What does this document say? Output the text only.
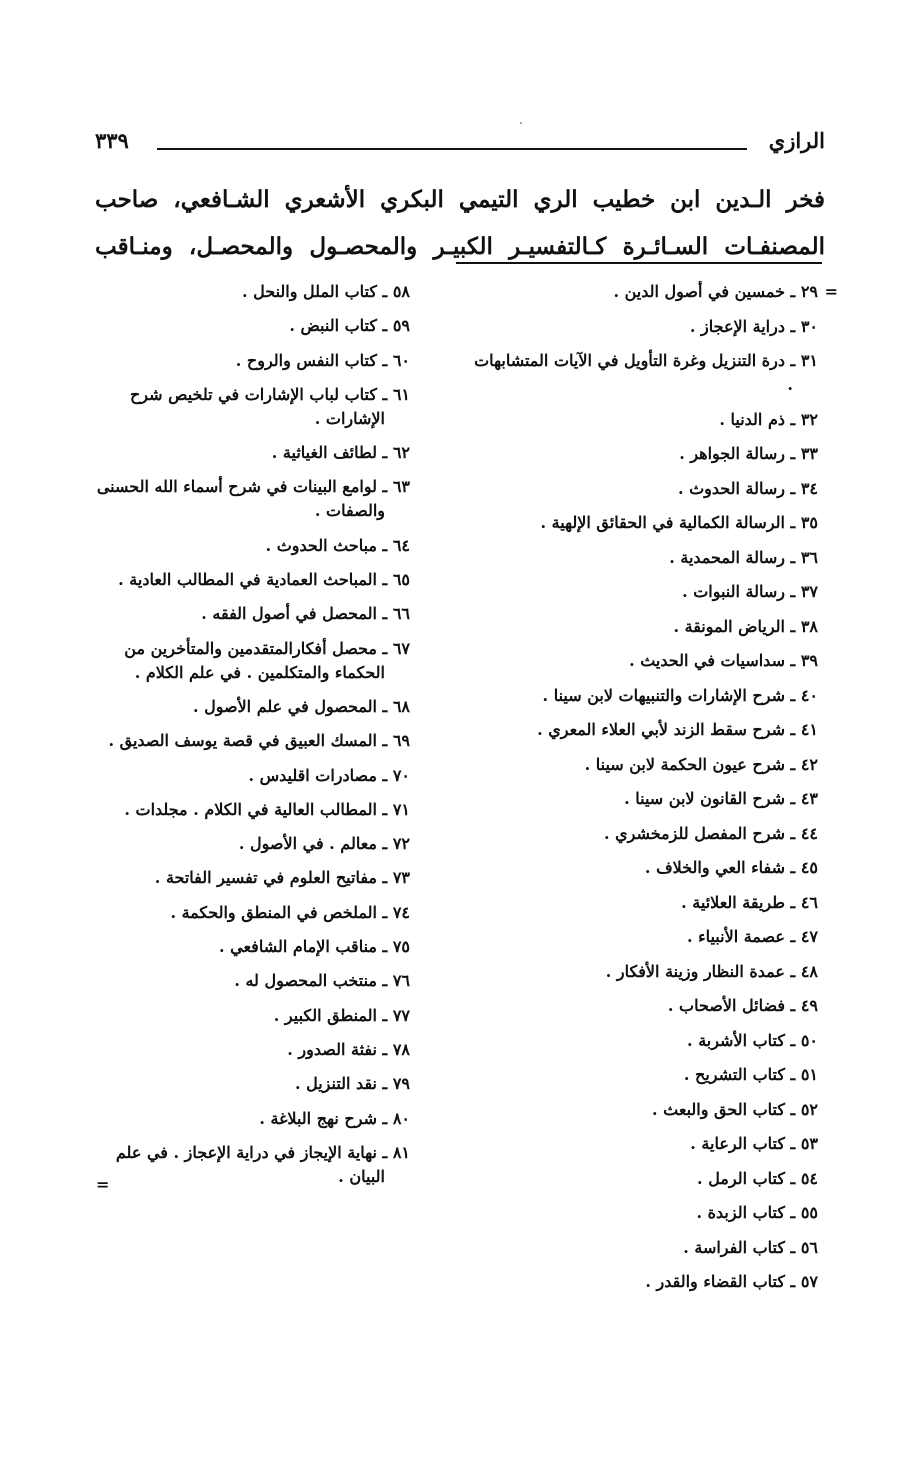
الرازي
٣٣٩
فخر الـدين ابن خطيب الري التيمي البكري الأشعري الشـافعي، صاحب
المصنفـات السـائـرة كـالتفسيـر الكبيـر والمحصـول والمحصـل، ومنـاقب
=
٢٩ ـ خمسين في أصول الدين .
٣٠ ـ دراية الإعجاز .
٣١ ـ درة التنزيل وغرة التأويل في الآيات المتشابهات .
٣٢ ـ ذم الدنيا .
٣٣ ـ رسالة الجواهر .
٣٤ ـ رسالة الحدوث .
٣٥ ـ الرسالة الكمالية في الحقائق الإلهية .
٣٦ ـ رسالة المحمدية .
٣٧ ـ رسالة النبوات .
٣٨ ـ الرياض المونقة .
٣٩ ـ سداسيات في الحديث .
٤٠ ـ شرح الإشارات والتنبيهات لابن سينا .
٤١ ـ شرح سقط الزند لأبي العلاء المعري .
٤٢ ـ شرح عيون الحكمة لابن سينا .
٤٣ ـ شرح القانون لابن سينا .
٤٤ ـ شرح المفصل للزمخشري .
٤٥ ـ شفاء العي والخلاف .
٤٦ ـ طريقة العلائية .
٤٧ ـ عصمة الأنبياء .
٤٨ ـ عمدة النظار وزينة الأفكار .
٤٩ ـ فضائل الأصحاب .
٥٠ ـ كتاب الأشربة .
٥١ ـ كتاب التشريح .
٥٢ ـ كتاب الحق والبعث .
٥٣ ـ كتاب الرعاية .
٥٤ ـ كتاب الرمل .
٥٥ ـ كتاب الزبدة .
٥٦ ـ كتاب الفراسة .
٥٧ ـ كتاب القضاء والقدر .
٥٨ ـ كتاب الملل والنحل .
٥٩ ـ كتاب النبض .
٦٠ ـ كتاب النفس والروح .
٦١ ـ كتاب لباب الإشارات في تلخيص شرح الإشارات .
٦٢ ـ لطائف الغياثية .
٦٣ ـ لوامع البينات في شرح أسماء الله الحسنى والصفات .
٦٤ ـ مباحث الحدوث .
٦٥ ـ المباحث العمادية في المطالب العادية .
٦٦ ـ المحصل في أصول الفقه .
٦٧ ـ محصل أفكارالمتقدمين والمتأخرين من الحكماء والمتكلمين . في علم الكلام .
٦٨ ـ المحصول في علم الأصول .
٦٩ ـ المسك العبيق في قصة يوسف الصديق .
٧٠ ـ مصادرات اقليدس .
٧١ ـ المطالب العالية في الكلام . مجلدات .
٧٢ ـ معالم . في الأصول .
٧٣ ـ مفاتيح العلوم في تفسير الفاتحة .
٧٤ ـ الملخص في المنطق والحكمة .
٧٥ ـ مناقب الإمام الشافعي .
٧٦ ـ منتخب المحصول له .
٧٧ ـ المنطق الكبير .
٧٨ ـ نفثة الصدور .
٧٩ ـ نقد التنزيل .
٨٠ ـ شرح نهج البلاغة .
٨١ ـ نهاية الإيجاز في دراية الإعجاز . في علم البيان .
=
